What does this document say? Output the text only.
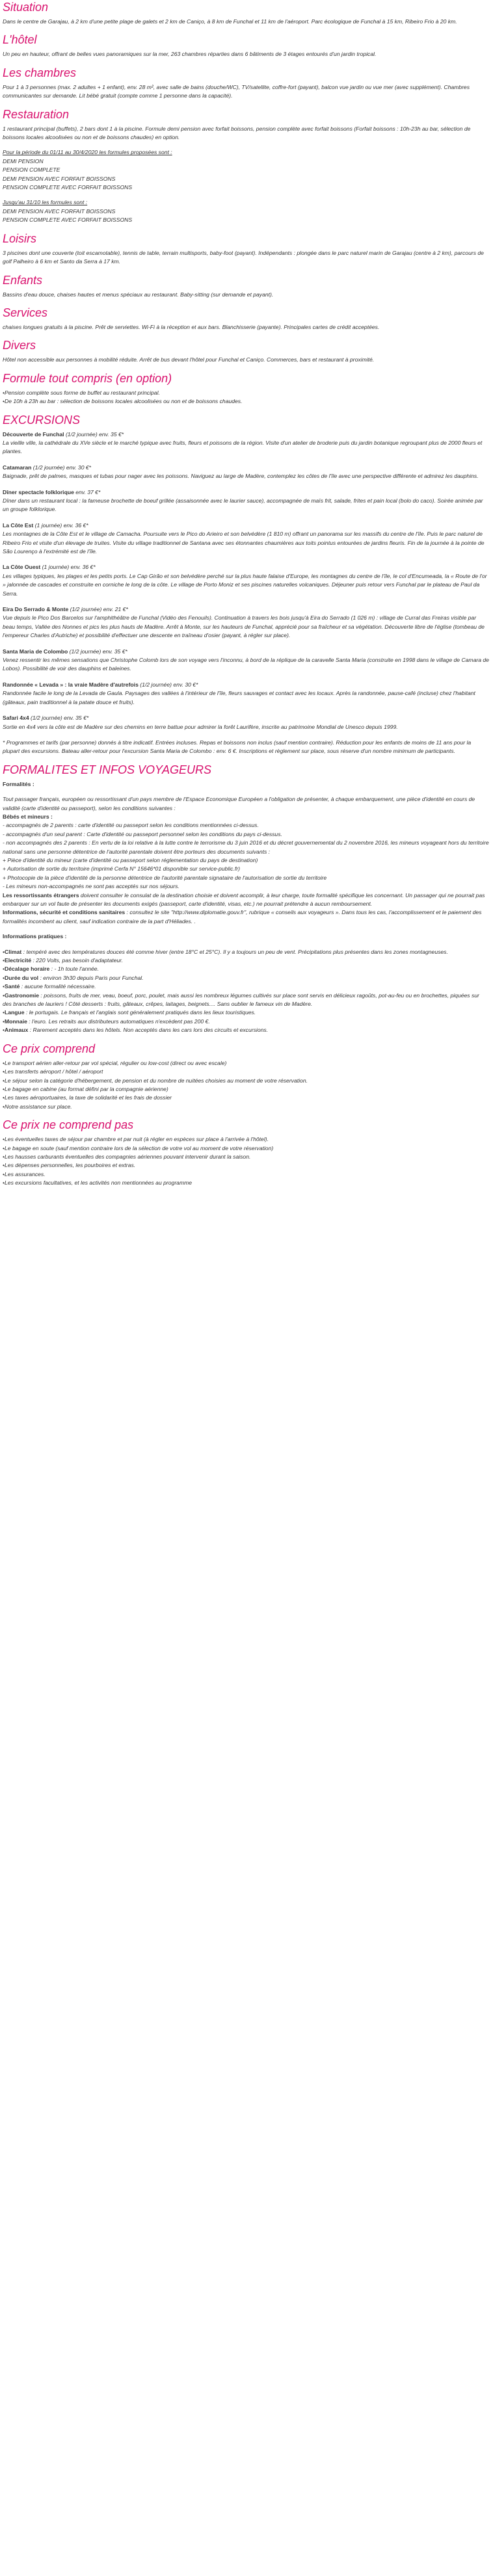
Situation

Dans le centre de Garajau, à 2 km d'une petite plage de galets et 2 km de Caniço, à 8 km de Funchal et 11 km de l'aéroport. Parc écologique de Funchal à 15 km, Ribeiro Frio à 20 km.

L'hôtel

Un peu en hauteur, offrant de belles vues panoramiques sur la mer, 263 chambres réparties dans 6 bâtiments de 3 étages entourés d'un jardin tropical.

Les chambres

Pour 1 à 3 personnes (max. 2 adultes + 1 enfant), env. 28 m², avec salle de bains (douche/WC), TV/satellite, coffre-fort (payant), balcon vue jardin ou vue mer (avec supplément). Chambres communicantes sur demande. Lit bébé gratuit (compte comme 1 personne dans la capacité).

Restauration

1 restaurant principal (buffets), 2 bars dont 1 à la piscine. Formule demi pension avec forfait boissons, pension complète avec forfait boissons (Forfait boissons : 10h-23h au bar, sélection de boissons locales alcoolisées ou non et de boissons chaudes) en option.

Pour la période du 01/11 au 30/4/2020 les formules proposées sont :

DEMI PENSION

PENSION COMPLETE

DEMI PENSION AVEC FORFAIT BOISSONS

PENSION COMPLETE AVEC FORFAIT BOISSONS

Jusqu'au 31/10 les formules sont :

DEMI PENSION AVEC FORFAIT BOISSONS

PENSION COMPLETE AVEC FORFAIT BOISSONS

Loisirs

3 piscines dont une couverte (toit escamotable), tennis de table, terrain multisports, baby-foot (payant). Indépendants : plongée dans le parc naturel marin de Garajau (centre à 2 km), parcours de golf Palheiro à 6 km et Santo da Serra à 17 km.

Enfants

Bassins d'eau douce, chaises hautes et menus spéciaux au restaurant. Baby-sitting (sur demande et payant).

Services

chaises longues gratuits à la piscine. Prêt de serviettes. Wi-Fi à la réception et aux bars. Blanchisserie (payante). Principales cartes de crédit acceptées.

Divers

Hôtel non accessible aux personnes à mobilité réduite. Arrêt de bus devant l'hôtel pour Funchal et Caniço. Commerces, bars et restaurant à proximité.

Formule tout compris (en option)

• Pension complète sous forme de buffet au restaurant principal.

• De 10h à 23h au bar : sélection de boissons locales alcoolisées ou non et de boissons chaudes.

EXCURSIONS
Découverte de Funchal (1/2 journée) env. 35 €*
La vieille ville, la cathédrale du XVe siècle et le marché typique avec fruits, fleurs et poissons de la région. Visite d'un atelier de broderie puis du jardin botanique regroupant plus de 2000 fleurs et plantes.
Catamaran (1/2 journée) env. 30 €*
Baignade, prêt de palmes, masques et tubas pour nager avec les poissons. Naviguez au large de Madère, contemplez les côtes de l'île avec une perspective différente et admirez les dauphins.
Dîner spectacle folklorique env. 37 €*
Dîner dans un restaurant local : la fameuse brochette de boeuf grillée (assaisonnée avec le laurier sauce), accompagnée de maïs frit, salade, frites et pain local (bolo do caco). Soirée animée par un groupe folklorique.
La Côte Est (1 journée) env. 36 €*
Les montagnes de la Côte Est et le village de Camacha. Poursuite vers le Pico do Arieiro et son belvédère (1 810 m) offrant un panorama sur les massifs du centre de l'île. Puis le parc naturel de Ribeiro Frio et visite d'un élevage de truites. Visite du village traditionnel de Santana avec ses étonnantes chaumières aux toits pointus entourées de jardins fleuris. Fin de la journée à la pointe de São Lourenço à l'extrémité est de l'île.
La Côte Ouest (1 journée) env. 36 €*
Les villages typiques, les plages et les petits ports. Le Cap Girão et son belvédère perché sur la plus haute falaise d'Europe, les montagnes du centre de l'île, le col d'Encumeada, la « Route de l'or » jalonnée de cascades et construite en corniche le long de la côte. Le village de Porto Moniz et ses piscines naturelles volcaniques. Déjeuner puis retour vers Funchal par le plateau de Paul da Serra.
Eira Do Serrado & Monte (1/2 journée) env. 21 €*
Vue depuis le Pico Dos Barcelos sur l'amphithéâtre de Funchal (Vidéo des Fenouils). Continuation à travers les bois jusqu'à Eira do Serrado (1 026 m) : village de Curral das Freiras visible par beau temps, Vallée des Nonnes et pics les plus hauts de Madère. Arrêt à Monte, sur les hauteurs de Funchal, apprécié pour sa fraîcheur et sa végétation. Découverte libre de l'église (tombeau de l'empereur Charles d'Autriche) et possibilité d'effectuer une descente en traîneau d'osier (payant, à régler sur place).
Santa Maria de Colombo (1/2 journée) env. 35 €*
Venez ressentir les mêmes sensations que Christophe Colomb lors de son voyage vers l'inconnu, à bord de la réplique de la caravelle Santa Maria (construite en 1998 dans le village de Camara de Lobos). Possibilité de voir des dauphins et baleines.
Randonnée « Levada » : la vraie Madère d'autrefois (1/2 journée) env. 30 €*
Randonnée facile le long de la Levada de Gaula. Paysages des vallées à l'intérieur de l'île, fleurs sauvages et contact avec les locaux. Après la randonnée, pause-café (incluse) chez l'habitant (gâteaux, pain traditionnel à la patate douce et fruits).
Safari 4x4 (1/2 journée) env. 35 €*
Sortie en 4x4 vers la côte est de Madère sur des chemins en terre battue pour admirer la forêt Laurifère, inscrite au patrimoine Mondial de Unesco depuis 1999.

* Programmes et tarifs (par personne) donnés à titre indicatif. Entrées incluses. Repas et boissons non inclus (sauf mention contraire). Réduction pour les enfants de moins de 11 ans pour la plupart des excursions. Bateau aller-retour pour l'excursion Santa Maria de Colombo : env. 6 €. Inscriptions et règlement sur place, sous réserve d'un nombre minimum de participants.

FORMALITES ET INFOS VOYAGEURS

Formalités :

Tout passager français, européen ou ressortissant d'un pays membre de l'Espace Economique Européen a l'obligation de présenter, à chaque embarquement, une pièce d'identité en cours de validité (carte d'identité ou passeport), selon les conditions suivantes :

Bébés et mineurs :

- accompagnés de 2 parents : carte d'identité ou passeport selon les conditions mentionnées ci-dessus.

- accompagnés d'un seul parent : Carte d'identité ou passeport personnel selon les conditions du pays ci-dessus.

- non accompagnés des 2 parents : En vertu de la loi relative à la lutte contre le terrorisme du 3 juin 2016 et du décret gouvernemental du 2 novembre 2016, les mineurs voyageant hors du territoire national sans une personne détentrice de l'autorité parentale doivent être porteurs des documents suivants :

+ Pièce d'identité du mineur (carte d'identité ou passeport selon réglementation du pays de destination)

+ Autorisation de sortie du territoire (imprimé Cerfa N° 15646*01 disponible sur service-public.fr)

+ Photocopie de la pièce d'identité de la personne détentrice de l'autorité parentale signataire de l'autorisation de sortie du territoire

- Les mineurs non-accompagnés ne sont pas acceptés sur nos séjours.

Les ressortissants étrangers doivent consulter le consulat de la destination choisie et doivent accomplir, à leur charge, toute formalité spécifique les concernant. Un passager qui ne pourrait pas embarquer sur un vol faute de présenter les documents exigés (passeport, carte d'identité, visas, etc.) ne pourrait prétendre à aucun remboursement.

Informations, sécurité et conditions sanitaires : consultez le site "http://www.diplomatie.gouv.fr", rubrique « conseils aux voyageurs ». Dans tous les cas, l'accomplissement et le paiement des formalités incombent au client, sauf indication contraire de la part d'Héliades. .

Informations pratiques :

• Climat : tempéré avec des températures douces été comme hiver (entre 18°C et 25°C). Il y a toujours un peu de vent. Précipitations plus présentes dans les zones montagneuses.

• Electricité : 220 Volts, pas besoin d'adaptateur.

• Décalage horaire : - 1h toute l'année.

• Durée du vol : environ 3h30 depuis Paris pour Funchal.

• Santé : aucune formalité nécessaire.

• Gastronomie : poissons, fruits de mer, veau, boeuf, porc, poulet, mais aussi les nombreux légumes cultivés sur place sont servis en délicieux ragoûts, pot-au-feu ou en brochettes, piquées sur des branches de lauriers ! Côté desserts : fruits, gâteaux, crêpes, laitages, beignets.... Sans oublier le fameux vin de Madère.

• Langue : le portugais. Le français et l'anglais sont généralement pratiqués dans les lieux touristiques.

• Monnaie : l'euro. Les retraits aux distributeurs automatiques n'excèdent pas 200 €.

• Animaux : Rarement acceptés dans les hôtels. Non acceptés dans les cars lors des circuits et excursions.

Ce prix comprend

• Le transport aérien aller-retour par vol spécial, régulier ou low-cost (direct ou avec escale)

• Les transferts aéroport / hôtel / aéroport

• Le séjour selon la catégorie d'hébergement, de pension et du nombre de nuitées choisies au moment de votre réservation.

• Le bagage en cabine (au format défini par la compagnie aérienne)

• Les taxes aéroportuaires, la taxe de solidarité et les frais de dossier

• Notre assistance sur place.

Ce prix ne comprend pas

• Les éventuelles taxes de séjour par chambre et par nuit (à régler en espèces sur place à l'arrivée à l'hôtel).

• Le bagage en soute (sauf mention contraire lors de la sélection de votre vol au moment de votre réservation)

• Les hausses carburants éventuelles des compagnies aériennes pouvant intervenir durant la saison.

• Les dépenses personnelles, les pourboires et extras.

• Les assurances.

• Les excursions facultatives, et les activités non mentionnées au programme
